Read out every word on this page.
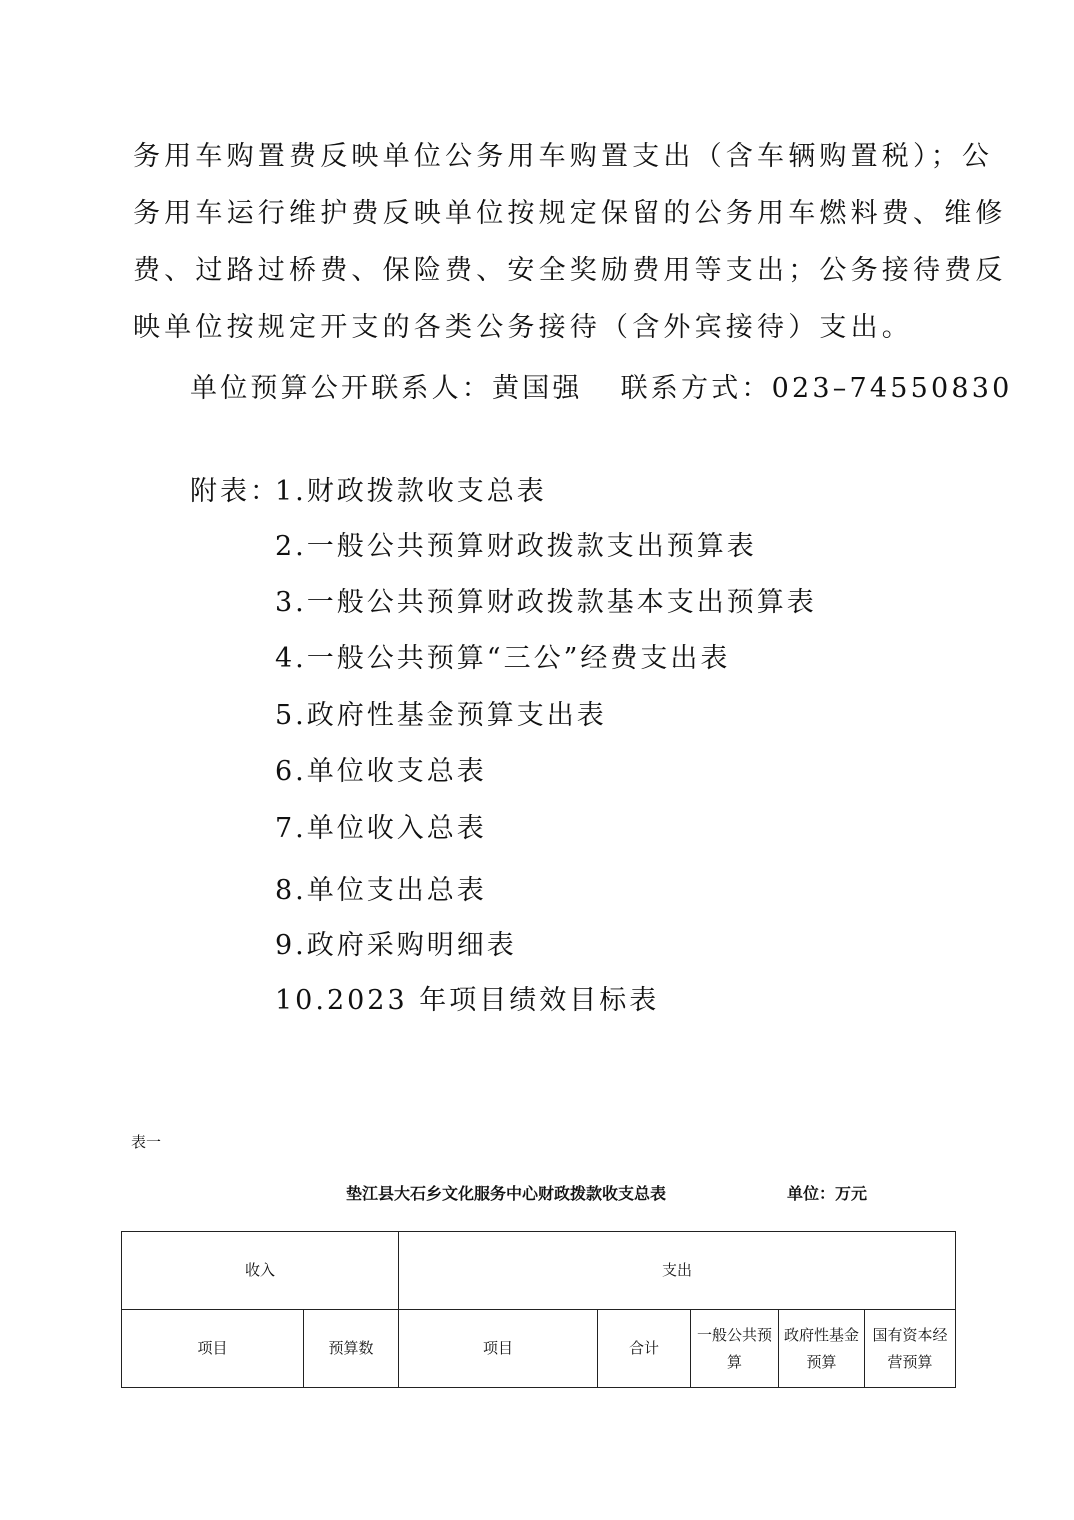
务用车购置费反映单位公务用车购置支出（含车辆购置税）；公
务用车运行维护费反映单位按规定保留的公务用车燃料费、维修
费、过路过桥费、保险费、安全奖励费用等支出；公务接待费反
映单位按规定开支的各类公务接待（含外宾接待）支出。
单位预算公开联系人：黄国强 联系方式：023–74550830
附表：
1.财政拨款收支总表
2.一般公共预算财政拨款支出预算表
3.一般公共预算财政拨款基本支出预算表
4.一般公共预算“三公”经费支出表
5.政府性基金预算支出表
6.单位收支总表
7.单位收入总表
8.单位支出总表
9.政府采购明细表
10.2023 年项目绩效目标表
表一
垫江县大石乡文化服务中心财政拨款收支总表	单位：万元
收入		支出				
项目	预算数	项目	合计	一般公共预算	政府性基金预算	国有资本经营预算
